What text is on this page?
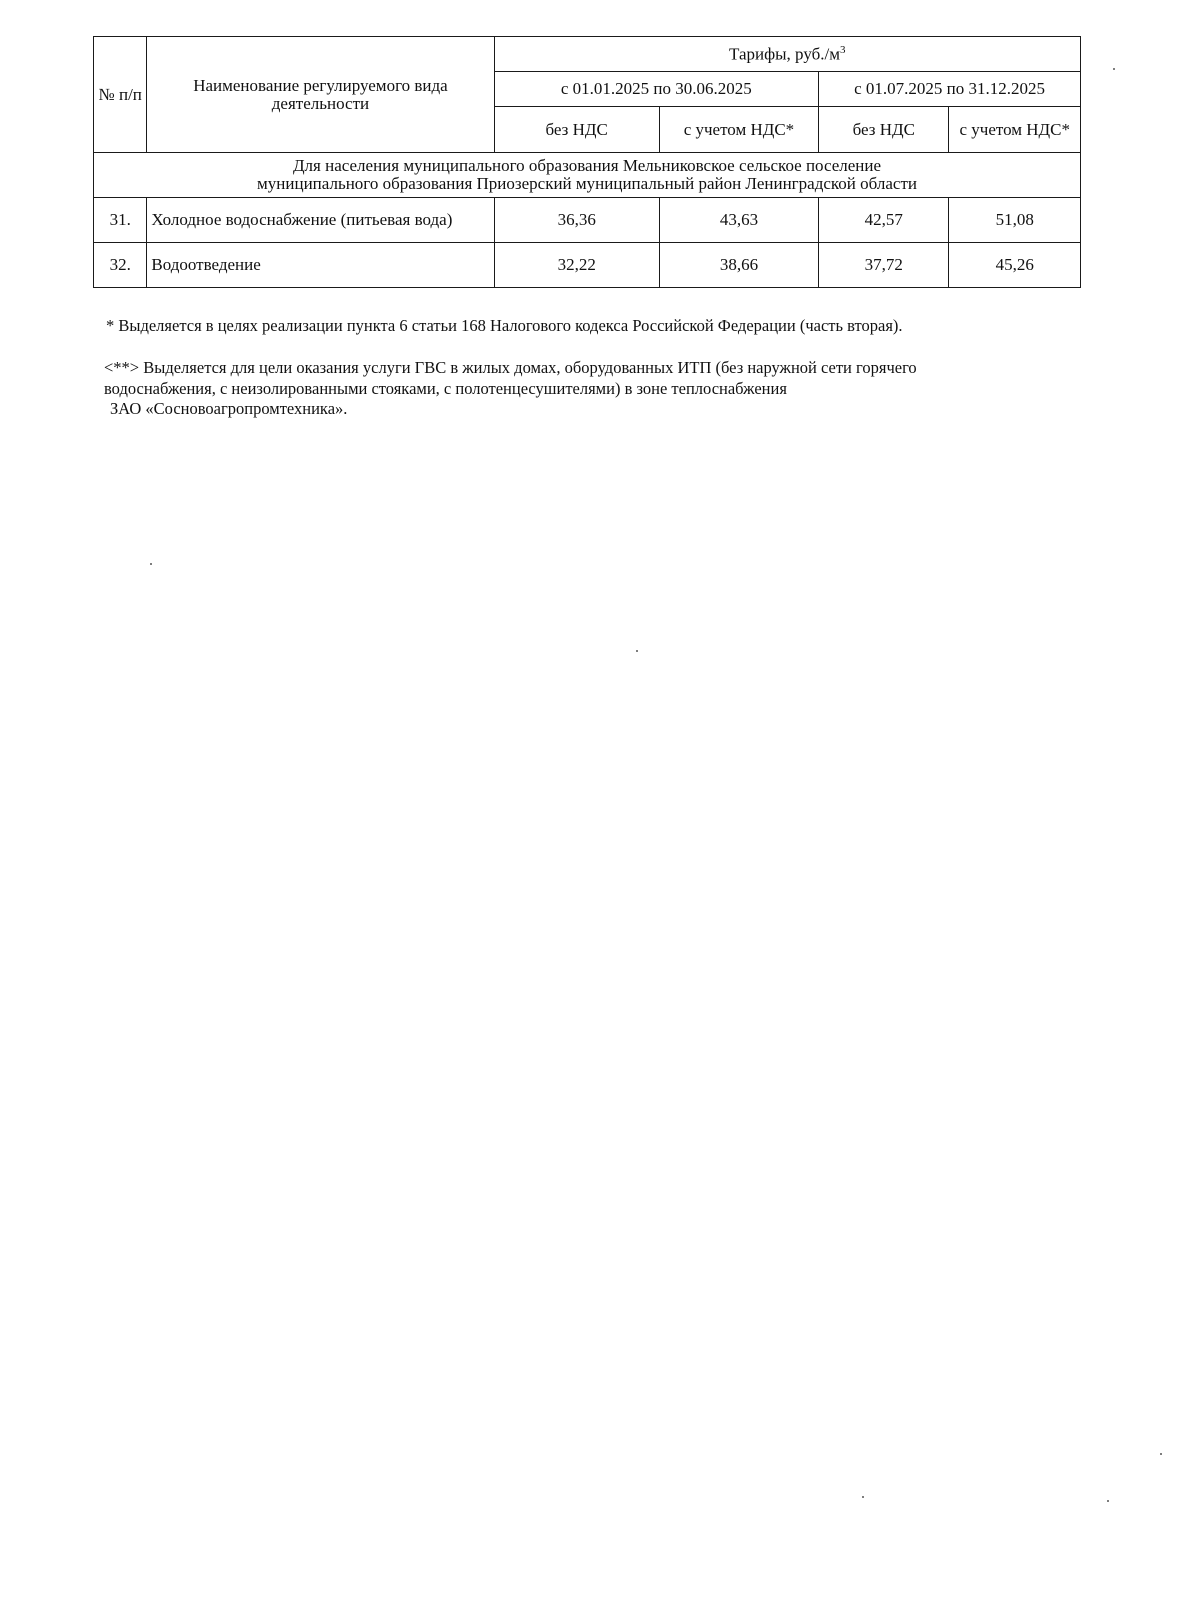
№ п/п	Наименование регулируемого вида деятельности	Тарифы, $руб./м^3$
		с 01.01.2025 по 30.06.2025		с 01.07.2025 по 31.12.2025	
		без НДС	с учетом НДС*	без НДС	с учетом НДС*

Для населения муниципального образования Мельниковское сельское поселение
муниципального образования Приозерский муниципальный район Ленинградской области					

31.	Холодное водоснабжение (питьевая вода)	36,36	43,63	42,57	51,08
32.	Водоотведение	32,22	38,66	37,72	45,26
* Выделяется в целях реализации пункта 6 статьи 168 Налогового кодекса Российской Федерации (часть вторая).
<**> Выделяется для цели оказания услуги ГВС в жилых домах, оборудованных ИТП (без наружной сети горячего
водоснабжения, с неизолированными стояками, с полотенцесушителями) в зоне теплоснабжения
ЗАО «Сосновоагропромтехника».
